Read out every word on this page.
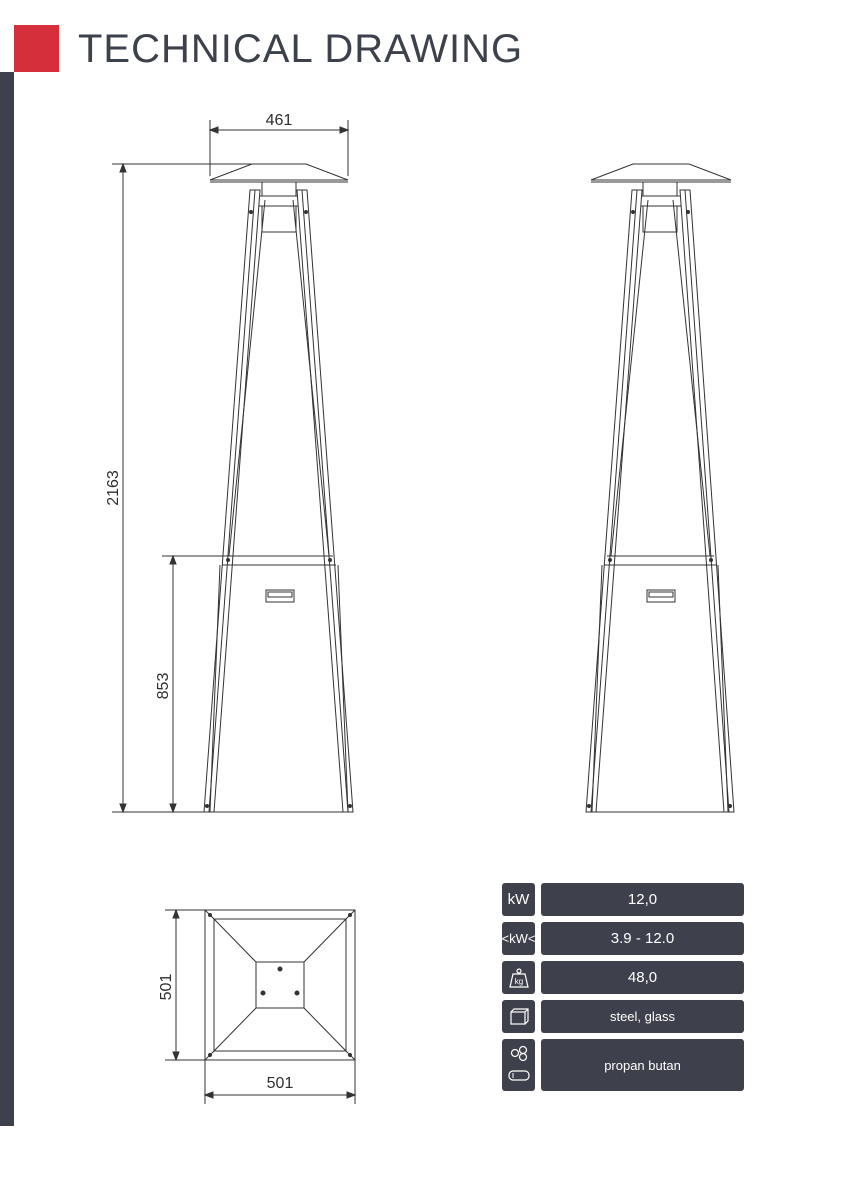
TECHNICAL DRAWING
461
2163
853
501
501
kW	12,0
<kW<	3.9 - 12.0
kg	48,0
steel, glass
propan butan
